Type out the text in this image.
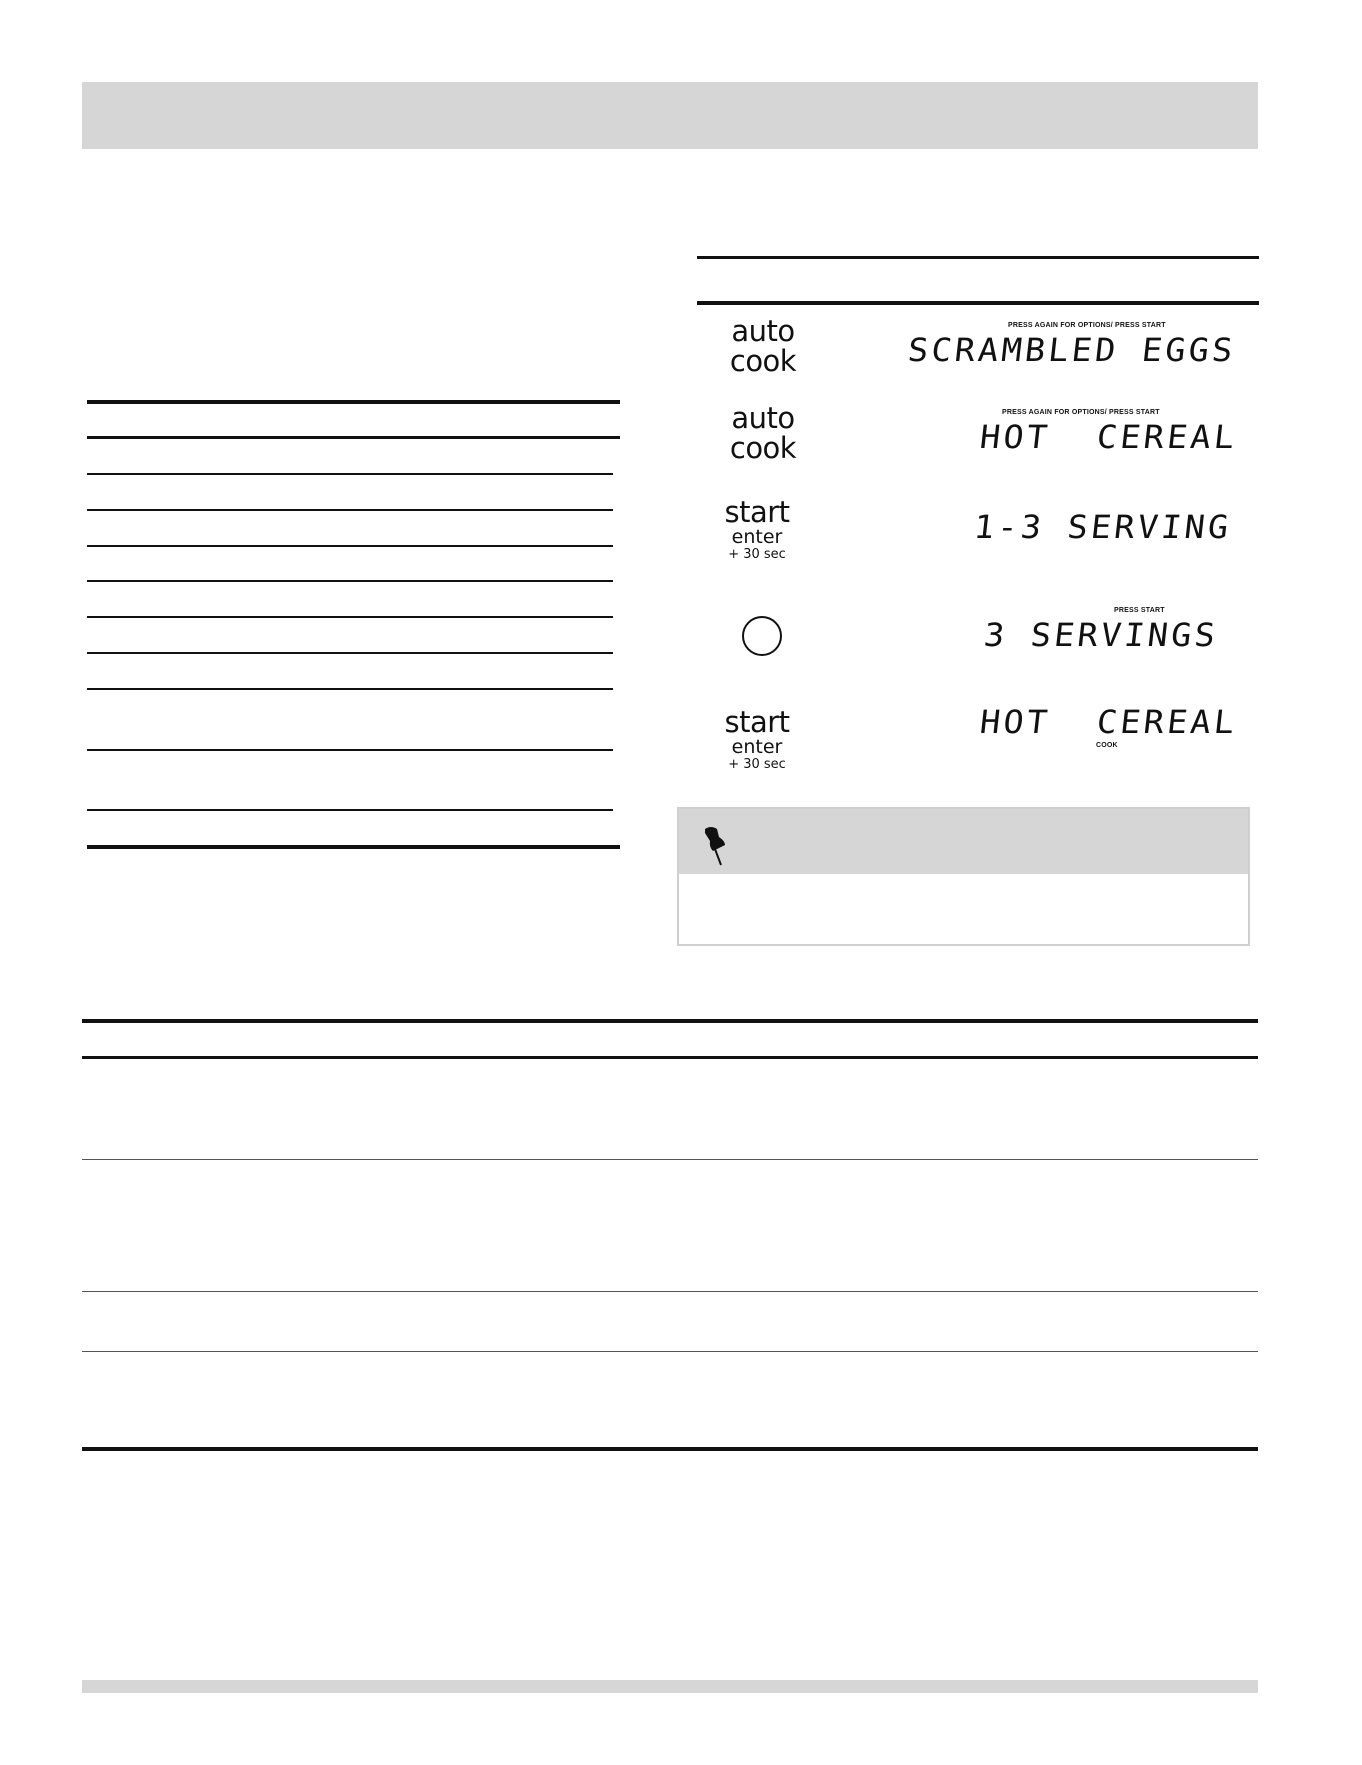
auto
cook
PRESS AGAIN FOR OPTIONS/ PRESS START
SCRAMBLED EGGS
auto
cook
PRESS AGAIN FOR OPTIONS/ PRESS START
HOT  CEREAL
start
enter
+ 30 sec
1-3 SERVING
PRESS START
3 SERVINGS
start
enter
+ 30 sec
HOT  CEREAL
COOK
